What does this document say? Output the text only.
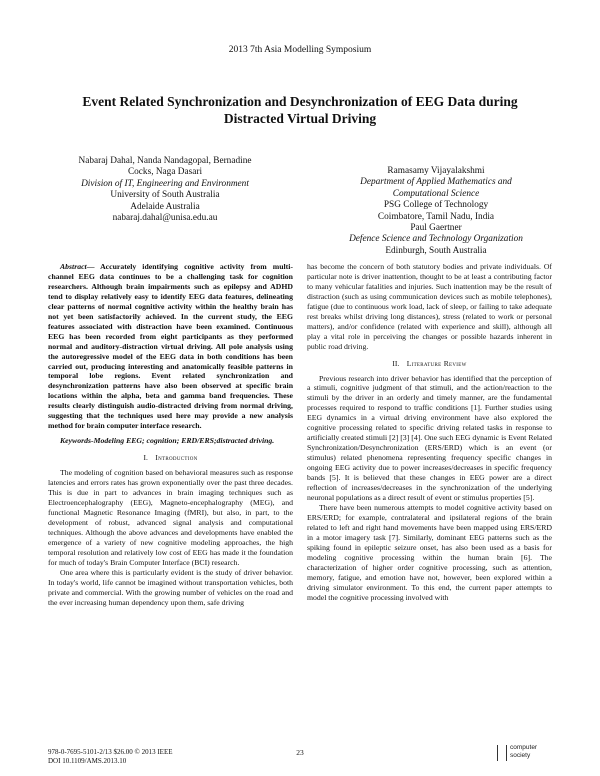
2013 7th Asia Modelling Symposium
Event Related Synchronization and Desynchronization of EEG Data during
Distracted Virtual Driving
Nabaraj Dahal, Nanda Nandagopal, Bernadine
Cocks, Naga Dasari
Division of IT, Engineering and Environment
University of South Australia
Adelaide Australia
nabaraj.dahal@unisa.edu.au
Ramasamy Vijayalakshmi
Department of Applied Mathematics and
Computational Science
PSG College of Technology
Coimbatore, Tamil Nadu, India
Paul Gaertner
Defence Science and Technology Organization
Edinburgh, South Australia

Abstract— Accurately identifying cognitive activity from multi-channel EEG data continues to be a challenging task for cognition researchers. Although brain impairments such as epilepsy and ADHD tend to display relatively easy to identify EEG data features, delineating clear patterns of normal cognitive activity within the healthy brain has not yet been satisfactorily achieved. In the current study, the EEG features associated with distraction have been examined. Continuous EEG has been recorded from eight participants as they performed normal and auditory-distraction virtual driving. All pole analysis using the autoregressive model of the EEG data in both conditions has been carried out, producing interesting and anatomically feasible patterns in temporal lobe regions. Event related synchronization and desynchronization patterns have also been observed at specific brain locations within the alpha, beta and gamma band frequencies. These results clearly distinguish audio-distracted driving from normal driving, suggesting that the techniques used here may provide a new analysis method for brain computer interface research.

Keywords-Modeling EEG; cognition; ERD/ERS;distracted driving.

I. Introduction

The modeling of cognition based on behavioral measures such as response latencies and errors rates has grown exponentially over the past three decades. This is due in part to advances in brain imaging techniques such as Electroencephalography (EEG), Magneto-encephalography (MEG), and functional Magnetic Resonance Imaging (fMRI), but also, in part, to the development of robust, advanced signal analysis and computational techniques. Although the above advances and developments have enabled the emergence of a variety of new cognitive modeling approaches, the high temporal resolution and relatively low cost of EEG has made it the foundation for much of today's Brain Computer Interface (BCI) research.

One area where this is particularly evident is the study of driver behavior. In today's world, life cannot be imagined without transportation vehicles, both private and commercial. With the growing number of vehicles on the road and the ever increasing human dependency upon them, safe driving

has become the concern of both statutory bodies and private individuals. Of particular note is driver inattention, thought to be at least a contributing factor to many vehicular fatalities and injuries. Such inattention may be the result of distraction (such as using communication devices such as mobile telephones), fatigue (due to continuous work load, lack of sleep, or failing to take adequate rest breaks whilst driving long distances), stress (related to work or personal matters), and/or confidence (related with experience and skill), although all play a vital role in perceiving the changes or possible hazards inherent in public road driving.

II. Literature Review

Previous research into driver behavior has identified that the perception of a stimuli, cognitive judgment of that stimuli, and the action/reaction to the stimuli by the driver in an orderly and timely manner, are the fundamental processes required to respond to traffic conditions [1]. Further studies using EEG dynamics in a virtual driving environment have also explored the cognitive processing related to specific driving related tasks in response to artificially created stimuli [2] [3] [4]. One such EEG dynamic is Event Related Synchronization/Desynchronization (ERS/ERD) which is an event (or stimulus) related phenomena representing frequency specific changes in ongoing EEG activity due to power increases/decreases in specific frequency bands [5]. It is believed that these changes in EEG power are a direct reflection of increases/decreases in the synchronization of the underlying neuronal populations as a direct result of event or stimulus properties [5].

There have been numerous attempts to model cognitive activity based on ERS/ERD; for example, contralateral and ipsilateral regions of the brain related to left and right hand movements have been mapped using ERS/ERD in a motor imagery task [7]. Similarly, dominant EEG patterns such as the spiking found in epileptic seizure onset, has also been used as a basis for modeling cognitive processing within the human brain [6]. The characterization of higher order cognitive processing, such as attention, memory, fatigue, and emotion have not, however, been explored within a driving simulator environment. To this end, the current paper attempts to model the cognitive processing involved with

978-0-7695-5101-2/13 $26.00 © 2013 IEEE
DOI 10.1109/AMS.2013.10
23
computer
society
